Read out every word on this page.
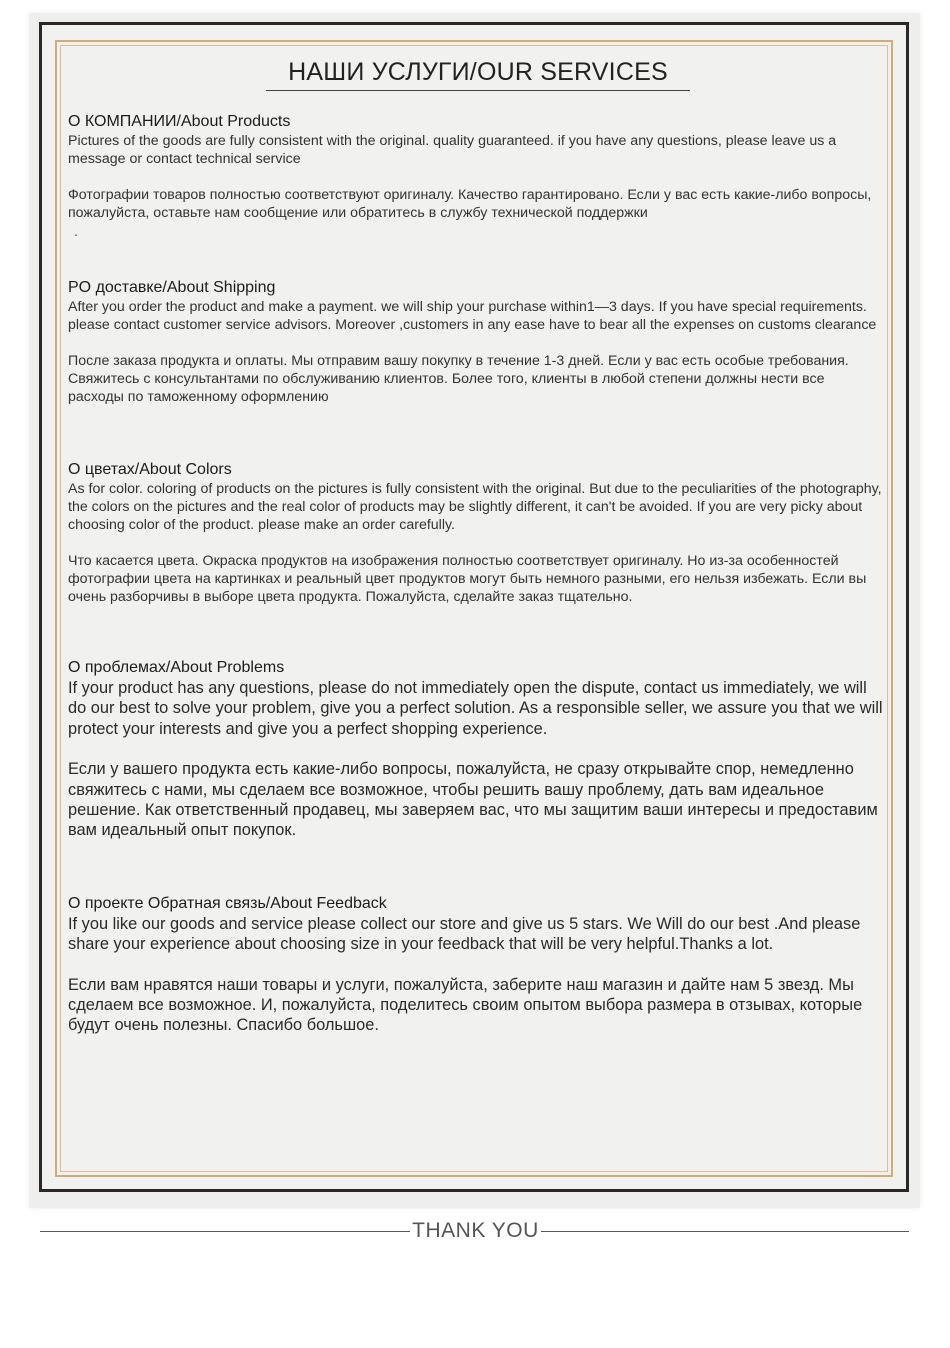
НАШИ УСЛУГИ/OUR SERVICES
О КОМПАНИИ/About Products
Pictures of the goods are fully consistent with the original. quality guaranteed. if you have any questions, please leave us a message or contact technical service
Фотографии товаров полностью соответствуют оригиналу. Качество гарантировано. Если у вас есть какие-либо вопросы, пожалуйста, оставьте нам сообщение или обратитесь в службу технической поддержки
.
PO доставке/About Shipping
After you order the product and make a payment. we will ship your purchase within1—3 days. If you have special requirements. please contact customer service advisors. Moreover ,customers in any ease have to bear all the expenses on customs clearance
После заказа продукта и оплаты. Мы отправим вашу покупку в течение 1-3 дней. Если у вас есть особые требования. Свяжитесь с консультантами по обслуживанию клиентов. Более того, клиенты в любой степени должны нести все расходы по таможенному оформлению
О цветах/About Colors
As for color. coloring of products on the pictures is fully consistent with the original. But due to the peculiarities of the photography, the colors on the pictures and the real color of products may be slightly different, it can't be avoided. If you are very picky about choosing color of the product. please make an order carefully.
Что касается цвета. Окраска продуктов на изображения полностью соответствует оригиналу. Но из-за особенностей фотографии цвета на картинках и реальный цвет продуктов могут быть немного разными, его нельзя избежать. Если вы очень разборчивы в выборе цвета продукта. Пожалуйста, сделайте заказ тщательно.
О проблемах/About Problems
If your product has any questions, please do not immediately open the dispute, contact us immediately, we will do our best to solve your problem, give you a perfect solution. As a responsible seller, we assure you that we will protect your interests and give you a perfect shopping experience.
Если у вашего продукта есть какие-либо вопросы, пожалуйста, не сразу открывайте спор, немедленно свяжитесь с нами, мы сделаем все возможное, чтобы решить вашу проблему, дать вам идеальное решение. Как ответственный продавец, мы заверяем вас, что мы защитим ваши интересы и предоставим вам идеальный опыт покупок.
О проекте Обратная связь/About Feedback
If you like our goods and service please collect our store and give us 5 stars. We Will do our best .And please share your experience about choosing size in your feedback that will be very helpful.Thanks a lot.
Если вам нравятся наши товары и услуги, пожалуйста, заберите наш магазин и дайте нам 5 звезд. Мы сделаем все возможное. И, пожалуйста, поделитесь своим опытом выбора размера в отзывах, которые будут очень полезны. Спасибо большое.
THANK YOU
